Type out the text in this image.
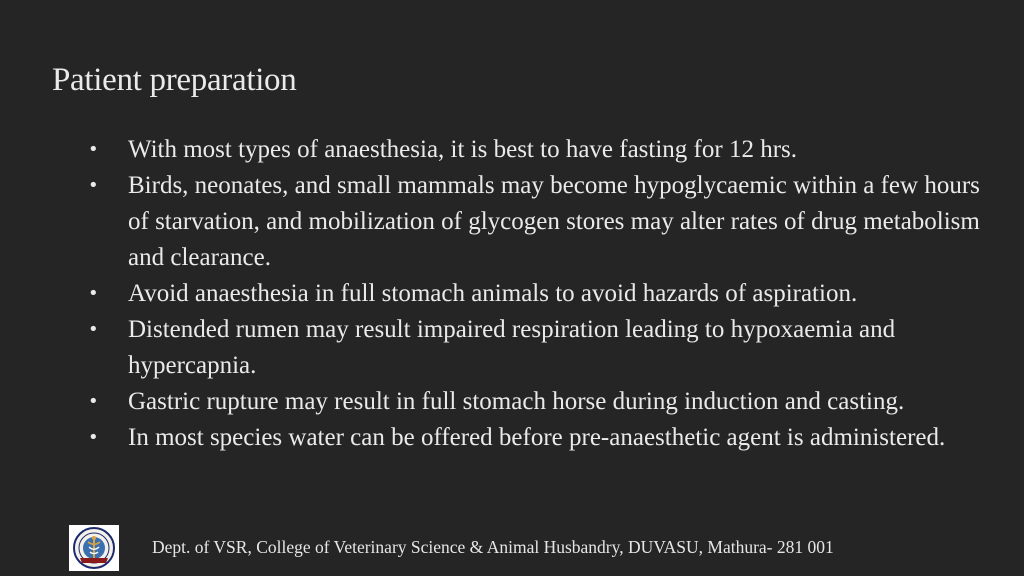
Patient preparation
• With most types of anaesthesia, it is best to have fasting for 12 hrs.
• Birds, neonates, and small mammals may become hypoglycaemic within a few hours of starvation, and mobilization of glycogen stores may alter rates of drug metabolism and clearance.
• Avoid anaesthesia in full stomach animals to avoid hazards of aspiration.
• Distended rumen may result impaired respiration leading to hypoxaemia and hypercapnia.
• Gastric rupture may result in full stomach horse during induction and casting.
• In most species water can be offered before pre-anaesthetic agent is administered.
Dept. of VSR, College of Veterinary Science & Animal Husbandry, DUVASU, Mathura- 281 001
